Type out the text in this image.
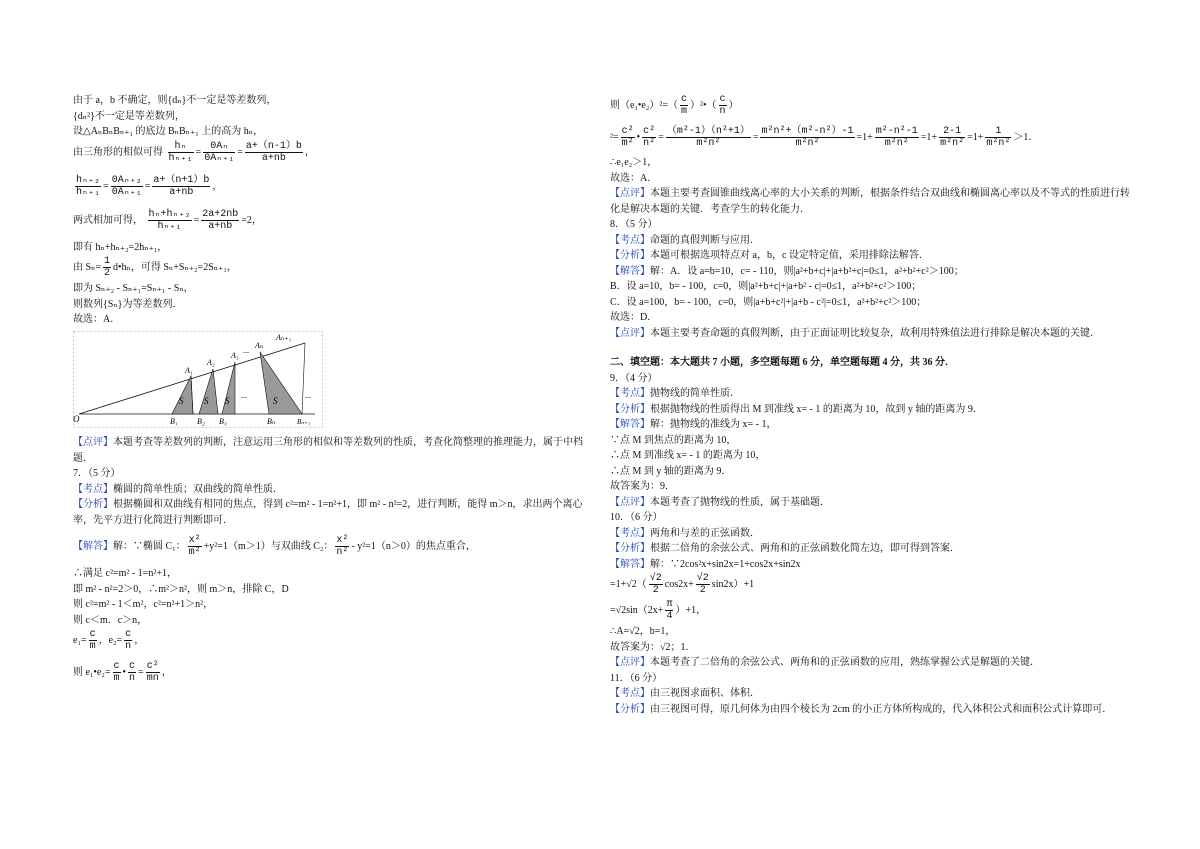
由于 a，b 不确定，则{dₙ}不一定是等差数列，

{dₙ²}不一定是等差数列，

设△AₙBₙBₙ₊₁ 的底边 BₙBₙ₊₁ 上的高为 hₙ，

由三角形的相似可得 $\frac{\text{hₙ}}{\text{hₙ₊₁}} = \frac{\text{0Aₙ}}{\text{0Aₙ₊₁}} = \frac{a+(n-1)b}{a+nb}$ ，

$\frac{\text{hₙ₊₂}}{\text{hₙ₊₁}} = \frac{\text{0Aₙ₊₂}}{\text{0Aₙ₊₁}} = \frac{a+(n+1)b}{a+nb}$ ，

两式相加可得， $\frac{\text{hₙ+hₙ₊₂}}{\text{hₙ₊₁}} = \frac{2a+2nb}{a+nb} =2$，

即有 hₙ+hₙ₊₂=2hₙ₊₁，

由 $S_n= \frac{1}{2}$ d•hₙ，可得 Sₙ+Sₙ₊₂=2Sₙ₊₁，

即为 Sₙ₊₂ - Sₙ₊₁=Sₙ₊₁ - Sₙ，

则数列{Sₙ}为等差数列．

故选：A．

O
A₁
A₂
A₃
Aₙ
Aₙ₊₁
B₁ B₂ B₃	Bₙ	Bₙ₊₁
S S S	S
...
...
...

【点评】本题考查等差数列的判断，注意运用三角形的相似和等差数列的性质，考查化简整理的推理能力，属于中档题．

7．（5 分）

【考点】椭圆的简单性质；双曲线的简单性质．

【分析】根据椭圆和双曲线有相同的焦点，得到 c²=m² - 1=n²+1，即 m² - n²=2，进行判断，能得 m＞n，求出两个离心率，先平方进行化简进行判断即可．

【解答】解：∵椭圆 C₁： $\frac{\text{x²}}{\text{m²}} +y^2=1(m>1)$与双曲线 C₂： $\frac{\text{x²}}{\text{n²}} - y^2=1(n>0)$的焦点重合，

∴满足 c²=m² - 1=n²+1，

即 m² - n²=2＞0，∴m²＞n²，则 m＞n，排除 C，D

则 c²=m² - 1＜m²，c²=n²+1＞n²，

则 c＜m．c＞n，

$e_1= \frac{c}{m}$ ，$e_2= \frac{c}{n}$ ，

则 e₁•e₂= $\frac{c}{m}$ • $\frac{c}{n} = \frac{\text{c²}}{mn}$ ，

则（e₁•e₂）²=（ $\frac{c}{m}$ ）²•（ $\frac{c}{n}$ ）

$^2= \frac{\text{c²}}{\text{m²}}$ • $\frac{\text{c²}}{\text{n²}} = \frac{\text{（m²-1）（n²+1）}}{\text{m²n²}} = \frac{\text{m²n²+（m²-n²）-1}}{\text{m²n²}} =1+ \frac{\text{m²-n²-1}}{\text{m²n²}} =1+ \frac{2-1}{\text{m²n²}} =1+ \frac{1}{\text{m²n²}} >1$．

∴e₁e₂＞1，

故选：A．

【点评】本题主要考查圆锥曲线离心率的大小关系的判断，根据条件结合双曲线和椭圆离心率以及不等式的性质进行转化是解决本题的关键．考查学生的转化能力．

8．（5 分）

【考点】命题的真假判断与应用．

【分析】本题可根据选项特点对 a，b，c 设定特定值，采用排除法解答．

【解答】解：A．设 a=b=10，c= - 110，则|a²+b+c|+|a+b²+c|=0≤1，a²+b²+c²＞100；

B．设 a=10，b= - 100，c=0，则|a²+b+c|+|a+b² - c|=0≤1，a²+b²+c²＞100；

C．设 a=100，b= - 100，c=0，则|a+b+c²|+|a+b - c²|=0≤1，a²+b²+c²＞100；

故选：D．

【点评】本题主要考查命题的真假判断，由于正面证明比较复杂，故利用特殊值法进行排除是解决本题的关键．

二、填空题：本大题共 7 小题，多空题每题 6 分，单空题每题 4 分，共 36 分．

9．（4 分）

【考点】抛物线的简单性质．

【分析】根据抛物线的性质得出 M 到准线 x= - 1 的距离为 10，故到 y 轴的距离为 9．

【解答】解：抛物线的准线为 x= - 1，

∵点 M 到焦点的距离为 10，

∴点 M 到准线 x= - 1 的距离为 10，

∴点 M 到 y 轴的距离为 9．

故答案为：9．

【点评】本题考查了抛物线的性质，属于基础题．

10．（6 分）

【考点】两角和与差的正弦函数．

【分析】根据二倍角的余弦公式、两角和的正弦函数化简左边，即可得到答案．

【解答】解：∵2cos²x+sin2x=1+cos2x+sin2x

$=1+√2( \frac{√2}{2} \cos 2x+ \frac{√2}{2} \sin 2x)+1$

$=√2\sin(2x+ \frac{\pi}{4} )+1$，

∴A=√2，b=1，

故答案为：√2；1．

【点评】本题考查了二倍角的余弦公式、两角和的正弦函数的应用，熟练掌握公式是解题的关键．

11．（6 分）

【考点】由三视图求面积、体积．

【分析】由三视图可得，原几何体为由四个棱长为 2cm 的小正方体所构成的，代入体积公式和面积公式计算即可．
